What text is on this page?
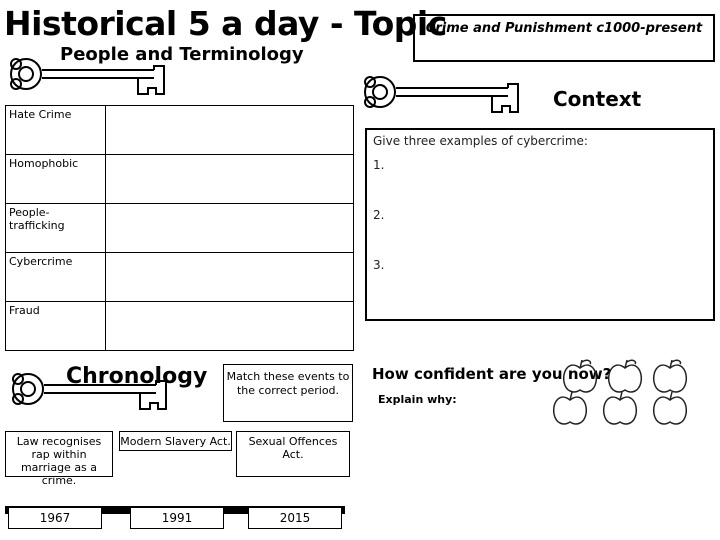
Historical 5 a day - Topic
Crime and Punishment c1000-present
People and Terminology
Hate Crime	
Homophobic	
People-trafficking	
Cybercrime	
Fraud	
Context
Give three examples of cybercrime:
1.
2.
3.
Chronology	Match these events to the correct period.
Law recognises rap within marriage as a crime.
Modern Slavery Act.	Sexual Offences Act.
1967	1991	2015
How confident are you now?
Explain why:
